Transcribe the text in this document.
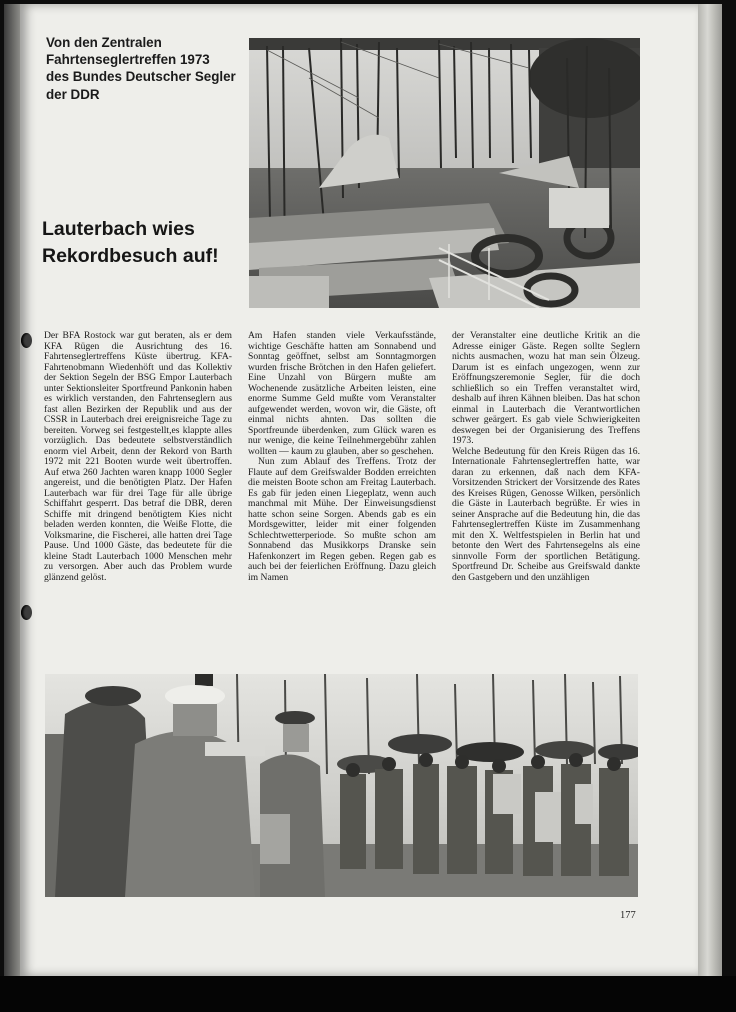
Von den Zentralen
Fahrtenseglertreffen 1973
des Bundes Deutscher Segler
der DDR
Lauterbach wies
Rekordbesuch auf!

Der BFA Rostock war gut beraten, als er dem KFA Rügen die Ausrichtung des 16. Fahrtenseglertreffens Küste übertrug. KFA-Fahrtenobmann Wiedenhöft und das Kollektiv der Sektion Segeln der BSG Empor Lauterbach unter Sektionsleiter Sportfreund Pankonin haben es wirklich verstanden, den Fahrtenseglern aus fast allen Bezirken der Republik und aus der CSSR in Lauterbach drei ereignisreiche Tage zu bereiten. Vorweg sei festgestellt,es klappte alles vorzüglich. Das bedeutete selbstverständlich enorm viel Arbeit, denn der Rekord von Barth 1972 mit 221 Booten wurde weit übertroffen. Auf etwa 260 Jachten waren knapp 1000 Segler angereist, und die benötigten Platz. Der Hafen Lauterbach war für drei Tage für alle übrige Schiffahrt gesperrt. Das betraf die DBR, deren Schiffe mit dringend benötigtem Kies nicht beladen werden konnten, die Weiße Flotte, die Volksmarine, die Fischerei, alle hatten drei Tage Pause. Und 1000 Gäste, das bedeutete für die kleine Stadt Lauterbach 1000 Menschen mehr zu versorgen. Aber auch das Problem wurde glänzend gelöst.

Am Hafen standen viele Verkaufsstände, wichtige Geschäfte hatten am Sonnabend und Sonntag geöffnet, selbst am Sonntagmorgen wurden frische Brötchen in den Hafen geliefert. Eine Unzahl von Bürgern mußte am Wochenende zusätzliche Arbeiten leisten, eine enorme Summe Geld mußte vom Veranstalter aufgewendet werden, wovon wir, die Gäste, oft einmal nichts ahnten. Das sollten die Sportfreunde überdenken, zum Glück waren es nur wenige, die keine Teilnehmergebühr zahlen wollten — kaum zu glauben, aber so geschehen.

Nun zum Ablauf des Treffens. Trotz der Flaute auf dem Greifswalder Bodden erreichten die meisten Boote schon am Freitag Lauterbach. Es gab für jeden einen Liegeplatz, wenn auch manchmal mit Mühe. Der Einweisungsdienst hatte schon seine Sorgen. Abends gab es ein Mordsgewitter, leider mit einer folgenden Schlechtwetterperiode. So mußte schon am Sonnabend das Musikkorps Dranske sein Hafenkonzert im Regen geben. Regen gab es auch bei der feierlichen Eröffnung. Dazu gleich im Namen

der Veranstalter eine deutliche Kritik an die Adresse einiger Gäste. Regen sollte Seglern nichts ausmachen, wozu hat man sein Ölzeug. Darum ist es einfach ungezogen, wenn zur Eröffnungszeremonie Segler, für die doch schließlich so ein Treffen veranstaltet wird, deshalb auf ihren Kähnen bleiben. Das hat schon einmal in Lauterbach die Verantwortlichen schwer geärgert. Es gab viele Schwierigkeiten deswegen bei der Organisierung des Treffens 1973.

Welche Bedeutung für den Kreis Rügen das 16. Internationale Fahrtenseglertreffen hatte, war daran zu erkennen, daß nach dem KFA-Vorsitzenden Strickert der Vorsitzende des Rates des Kreises Rügen, Genosse Wilken, persönlich die Gäste in Lauterbach begrüßte. Er wies in seiner Ansprache auf die Bedeutung hin, die das Fahrtenseglertreffen Küste im Zusammenhang mit den X. Weltfestspielen in Berlin hat und betonte den Wert des Fahrtensegelns als eine sinnvolle Form der sportlichen Betätigung. Sportfreund Dr. Scheibe aus Greifswald dankte den Gastgebern und den unzähligen

177
